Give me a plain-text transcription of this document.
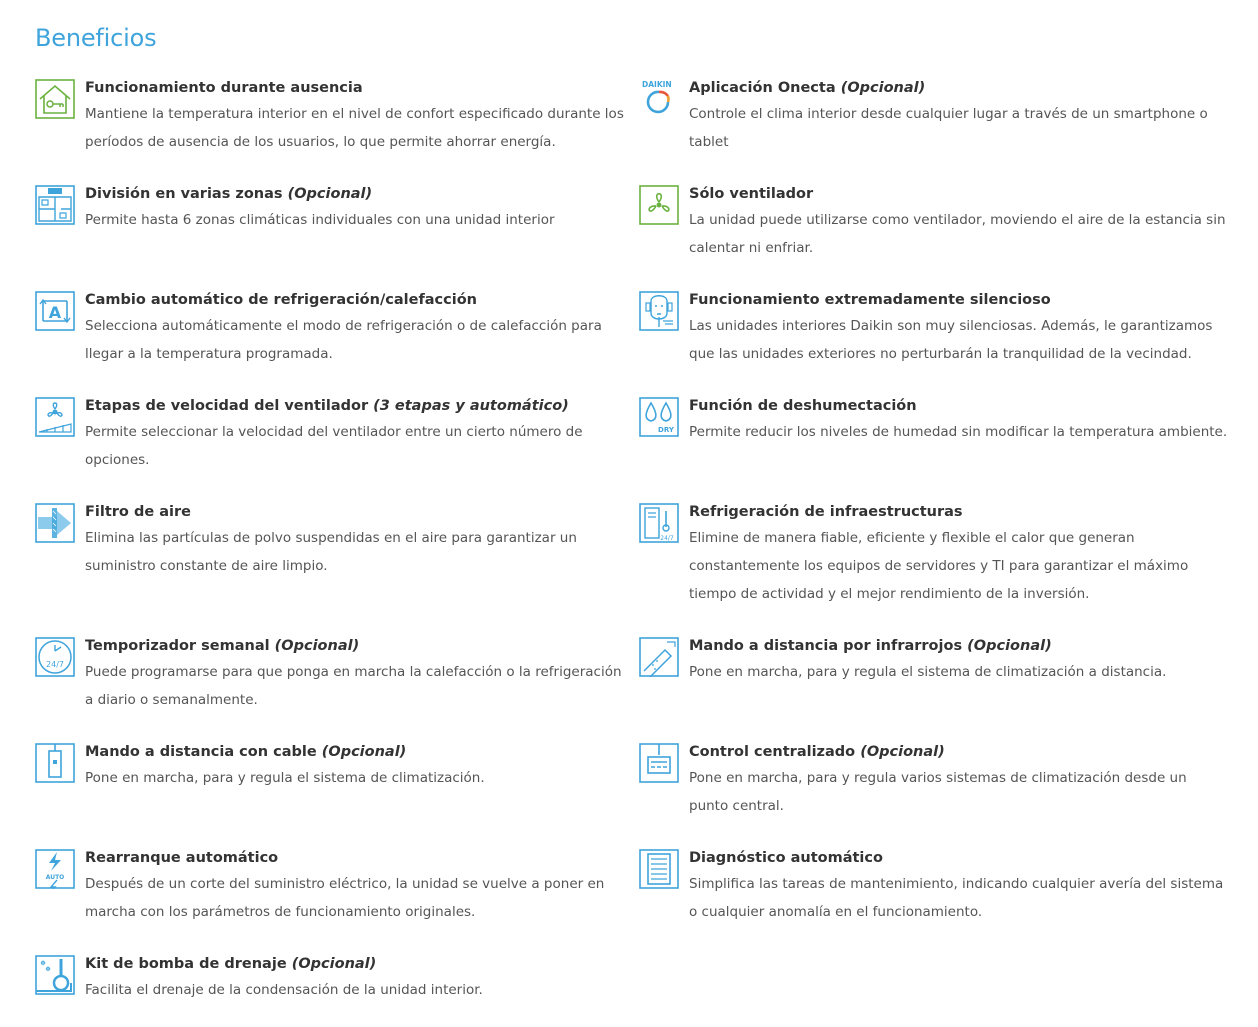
Beneficios
Funcionamiento durante ausencia
Mantiene la temperatura interior en el nivel de confort especificado durante los períodos de ausencia de los usuarios, lo que permite ahorrar energía.
División en varias zonas (Opcional)
Permite hasta 6 zonas climáticas individuales con una unidad interior
A
Cambio automático de refrigeración/calefacción
Selecciona automáticamente el modo de refrigeración o de calefacción para llegar a la temperatura programada.
Etapas de velocidad del ventilador (3 etapas y automático)
Permite seleccionar la velocidad del ventilador entre un cierto número de opciones.
Filtro de aire
Elimina las partículas de polvo suspendidas en el aire para garantizar un suministro constante de aire limpio.
24/7
Temporizador semanal (Opcional)
Puede programarse para que ponga en marcha la calefacción o la refrigeración a diario o semanalmente.
Mando a distancia con cable (Opcional)
Pone en marcha, para y regula el sistema de climatización.
AUTO
Rearranque automático
Después de un corte del suministro eléctrico, la unidad se vuelve a poner en marcha con los parámetros de funcionamiento originales.
Kit de bomba de drenaje (Opcional)
Facilita el drenaje de la condensación de la unidad interior.
DAIKIN Aplicación Onecta (Opcional)
Controle el clima interior desde cualquier lugar a través de un smartphone o tablet
Sólo ventilador
La unidad puede utilizarse como ventilador, moviendo el aire de la estancia sin calentar ni enfriar.
Funcionamiento extremadamente silencioso
Las unidades interiores Daikin son muy silenciosas. Además, le garantizamos que las unidades exteriores no perturbarán la tranquilidad de la vecindad.
DRY
Función de deshumectación
Permite reducir los niveles de humedad sin modificar la temperatura ambiente.
24/7
Refrigeración de infraestructuras
Elimine de manera fiable, eficiente y flexible el calor que generan constantemente los equipos de servidores y TI para garantizar el máximo tiempo de actividad y el mejor rendimiento de la inversión.
Mando a distancia por infrarrojos (Opcional)
Pone en marcha, para y regula el sistema de climatización a distancia.
Control centralizado (Opcional)
Pone en marcha, para y regula varios sistemas de climatización desde un punto central.
Diagnóstico automático
Simplifica las tareas de mantenimiento, indicando cualquier avería del sistema o cualquier anomalía en el funcionamiento.
